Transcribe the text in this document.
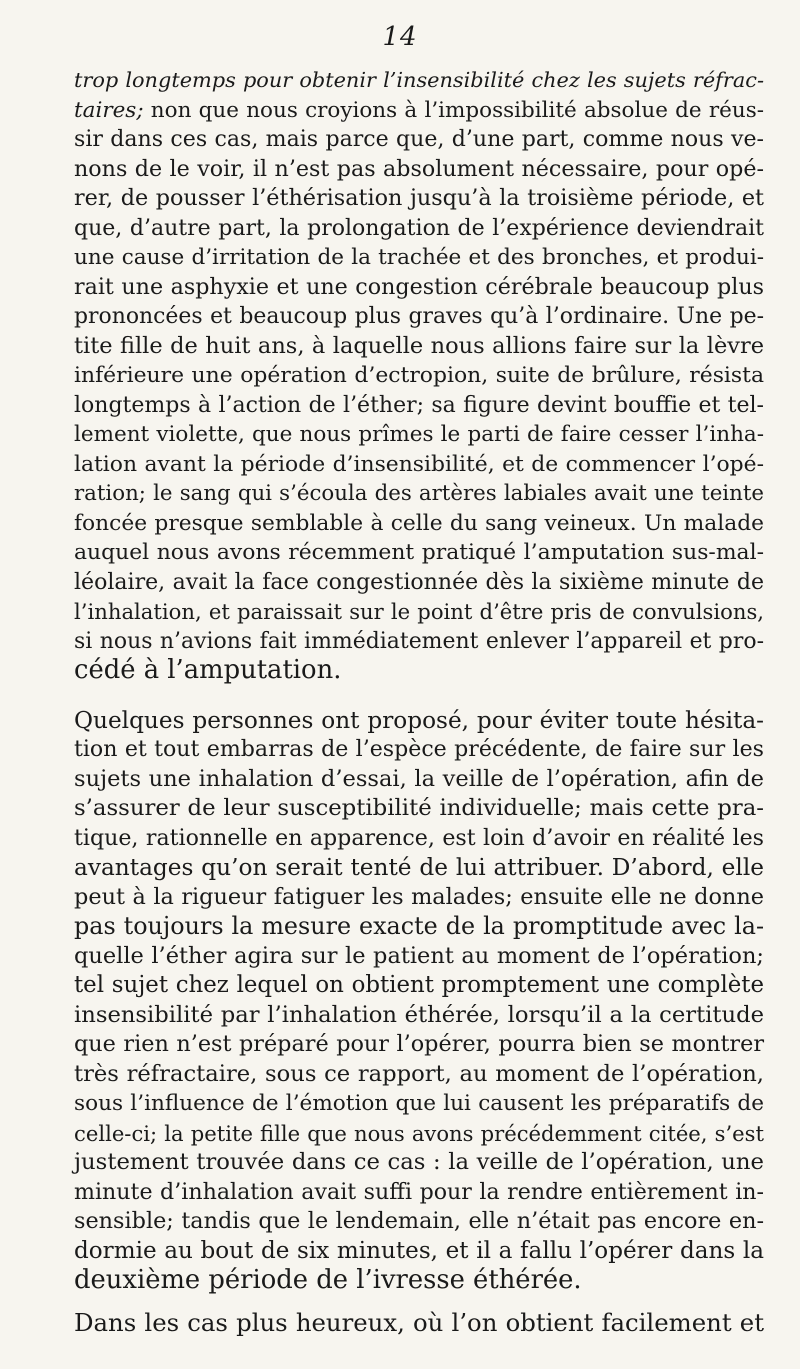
14
trop longtemps pour obtenir l’insensibilité chez les sujets réfrac-
taires; non que nous croyions à l’impossibilité absolue de réus-
sir dans ces cas, mais parce que, d’une part, comme nous ve-
nons de le voir, il n’est pas absolument nécessaire, pour opé-
rer, de pousser l’éthérisation jusqu’à la troisième période, et
que, d’autre part, la prolongation de l’expérience deviendrait
une cause d’irritation de la trachée et des bronches, et produi-
rait une asphyxie et une congestion cérébrale beaucoup plus
prononcées et beaucoup plus graves qu’à l’ordinaire. Une pe-
tite fille de huit ans, à laquelle nous allions faire sur la lèvre
inférieure une opération d’ectropion, suite de brûlure, résista
longtemps à l’action de l’éther; sa figure devint bouffie et tel-
lement violette, que nous prîmes le parti de faire cesser l’inha-
lation avant la période d’insensibilité, et de commencer l’opé-
ration; le sang qui s’écoula des artères labiales avait une teinte
foncée presque semblable à celle du sang veineux. Un malade
auquel nous avons récemment pratiqué l’amputation sus-mal-
léolaire, avait la face congestionnée dès la sixième minute de
l’inhalation, et paraissait sur le point d’être pris de convulsions,
si nous n’avions fait immédiatement enlever l’appareil et pro-
cédé à l’amputation.
Quelques personnes ont proposé, pour éviter toute hésita-
tion et tout embarras de l’espèce précédente, de faire sur les
sujets une inhalation d’essai, la veille de l’opération, afin de
s’assurer de leur susceptibilité individuelle; mais cette pra-
tique, rationnelle en apparence, est loin d’avoir en réalité les
avantages qu’on serait tenté de lui attribuer. D’abord, elle
peut à la rigueur fatiguer les malades; ensuite elle ne donne
pas toujours la mesure exacte de la promptitude avec la-
quelle l’éther agira sur le patient au moment de l’opération;
tel sujet chez lequel on obtient promptement une complète
insensibilité par l’inhalation éthérée, lorsqu’il a la certitude
que rien n’est préparé pour l’opérer, pourra bien se montrer
très réfractaire, sous ce rapport, au moment de l’opération,
sous l’influence de l’émotion que lui causent les préparatifs de
celle-ci; la petite fille que nous avons précédemment citée, s’est
justement trouvée dans ce cas : la veille de l’opération, une
minute d’inhalation avait suffi pour la rendre entièrement in-
sensible; tandis que le lendemain, elle n’était pas encore en-
dormie au bout de six minutes, et il a fallu l’opérer dans la
deuxième période de l’ivresse éthérée.
Dans les cas plus heureux, où l’on obtient facilement et
